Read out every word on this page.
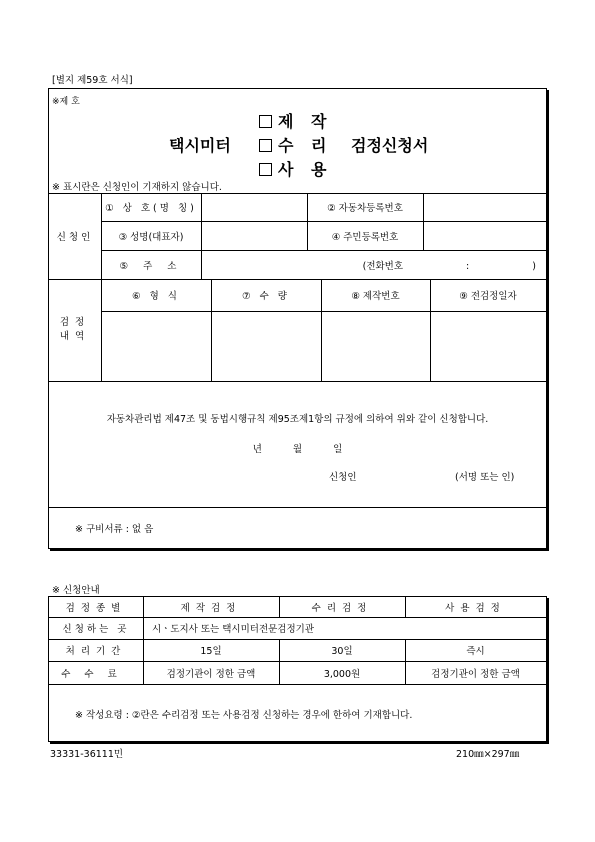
[별지 제59호 서식]
※제 호
택시미터
제 작
수 리
사 용
검정신청서
※ 표시란은 신청인이 기재하지 않습니다.
신청인
① 상 호(명 칭)	② 자동차등록번호
③ 성명(대표자)	④ 주민등록번호
⑤ 주 소	(전화번호 : )
검정 내역
⑥ 형 식	⑦ 수 량	⑧ 제작번호	⑨ 전검정일자
자동차관리법 제47조 및 동법시행규칙 제95조제1항의 규정에 의하여 위와 같이 신청합니다.
년 월 일
신청인	(서명 또는 인)
※ 구비서류 : 없 음
※ 신청안내
검정종별	제작검정	수리검정	사용검정
신청하는 곳	시ㆍ도지사 또는 택시미터전문검정기관
처리기간	15일	30일	즉시
수수료	검정기관이 정한 금액	3,000원	검정기관이 정한 금액
※ 작성요령 : ②란은 수리검정 또는 사용검정 신청하는 경우에 한하여 기재합니다.
33331-36111민	210㎜×297㎜
